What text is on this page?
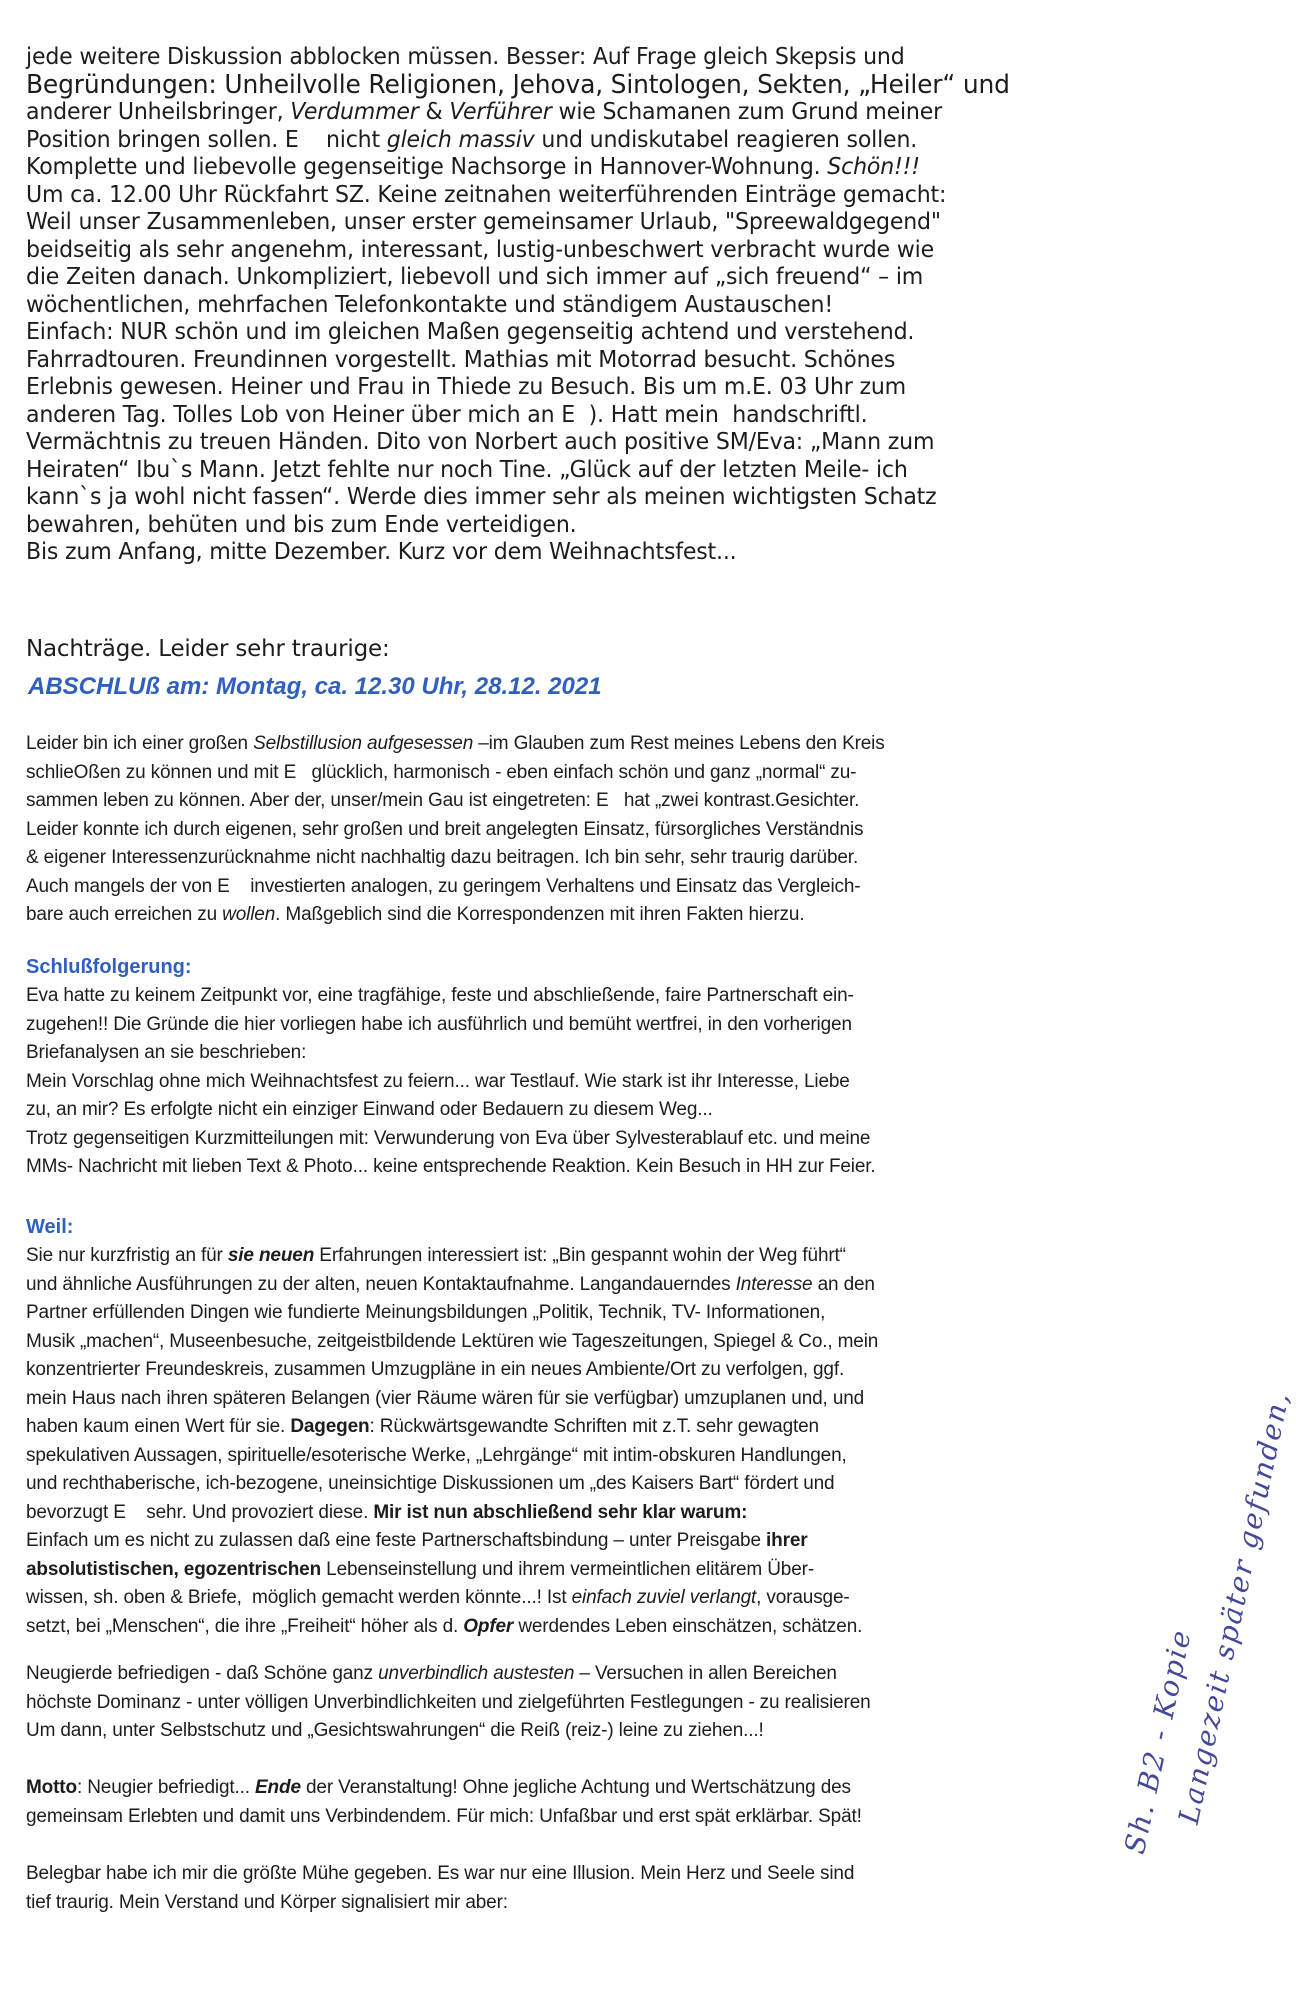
jede weitere Diskussion abblocken müssen. Besser: Auf Frage gleich Skepsis und
Begründungen: Unheilvolle Religionen, Jehova, Sintologen, Sekten, „Heiler“ und
anderer Unheilsbringer, Verdummer & Verführer wie Schamanen zum Grund meiner
Position bringen sollen. E    nicht gleich massiv und undiskutabel reagieren sollen.
Komplette und liebevolle gegenseitige Nachsorge in Hannover-Wohnung. Schön!!!
Um ca. 12.00 Uhr Rückfahrt SZ. Keine zeitnahen weiterführenden Einträge gemacht:
Weil unser Zusammenleben, unser erster gemeinsamer Urlaub, "Spreewaldgegend"
beidseitig als sehr angenehm, interessant, lustig-unbeschwert verbracht wurde wie
die Zeiten danach. Unkompliziert, liebevoll und sich immer auf „sich freuend“ – im
wöchentlichen, mehrfachen Telefonkontakte und ständigem Austauschen!
Einfach: NUR schön und im gleichen Maßen gegenseitig achtend und verstehend.
Fahrradtouren. Freundinnen vorgestellt. Mathias mit Motorrad besucht. Schönes
Erlebnis gewesen. Heiner und Frau in Thiede zu Besuch. Bis um m.E. 03 Uhr zum
anderen Tag. Tolles Lob von Heiner über mich an E  ). Hatt mein  handschriftl.
Vermächtnis zu treuen Händen. Dito von Norbert auch positive SM/Eva: „Mann zum
Heiraten“ Ibu`s Mann. Jetzt fehlte nur noch Tine. „Glück auf der letzten Meile- ich
kann`s ja wohl nicht fassen“. Werde dies immer sehr als meinen wichtigsten Schatz
bewahren, behüten und bis zum Ende verteidigen.
Bis zum Anfang, mitte Dezember. Kurz vor dem Weihnachtsfest...
Nachträge. Leider sehr traurige:
ABSCHLUß am: Montag, ca. 12.30 Uhr, 28.12. 2021
Leider bin ich einer großen Selbstillusion aufgesessen –im Glauben zum Rest meines Lebens den Kreis
schlieOßen zu können und mit E   glücklich, harmonisch - eben einfach schön und ganz „normal“ zu-
sammen leben zu können. Aber der, unser/mein Gau ist eingetreten: E   hat „zwei kontrast.Gesichter.
Leider konnte ich durch eigenen, sehr großen und breit angelegten Einsatz, fürsorgliches Verständnis
& eigener Interessenzurücknahme nicht nachhaltig dazu beitragen. Ich bin sehr, sehr traurig darüber.
Auch mangels der von E    investierten analogen, zu geringem Verhaltens und Einsatz das Vergleich-
bare auch erreichen zu wollen. Maßgeblich sind die Korrespondenzen mit ihren Fakten hierzu.
Schlußfolgerung:
Eva hatte zu keinem Zeitpunkt vor, eine tragfähige, feste und abschließende, faire Partnerschaft ein-
zugehen!! Die Gründe die hier vorliegen habe ich ausführlich und bemüht wertfrei, in den vorherigen
Briefanalysen an sie beschrieben:
Mein Vorschlag ohne mich Weihnachtsfest zu feiern... war Testlauf. Wie stark ist ihr Interesse, Liebe
zu, an mir? Es erfolgte nicht ein einziger Einwand oder Bedauern zu diesem Weg...
Trotz gegenseitigen Kurzmitteilungen mit: Verwunderung von Eva über Sylvesterablauf etc. und meine
MMs- Nachricht mit lieben Text & Photo... keine entsprechende Reaktion. Kein Besuch in HH zur Feier.
Weil:
Sie nur kurzfristig an für sie neuen Erfahrungen interessiert ist: „Bin gespannt wohin der Weg führt“
und ähnliche Ausführungen zu der alten, neuen Kontaktaufnahme. Langandauerndes Interesse an den
Partner erfüllenden Dingen wie fundierte Meinungsbildungen „Politik, Technik, TV- Informationen,
Musik „machen“, Museenbesuche, zeitgeistbildende Lektüren wie Tageszeitungen, Spiegel & Co., mein
konzentrierter Freundeskreis, zusammen Umzugpläne in ein neues Ambiente/Ort zu verfolgen, ggf.
mein Haus nach ihren späteren Belangen (vier Räume wären für sie verfügbar) umzuplanen und, und
haben kaum einen Wert für sie. Dagegen: Rückwärtsgewandte Schriften mit z.T. sehr gewagten
spekulativen Aussagen, spirituelle/esoterische Werke, „Lehrgänge“ mit intim-obskuren Handlungen,
und rechthaberische, ich-bezogene, uneinsichtige Diskussionen um „des Kaisers Bart“ fördert und
bevorzugt E    sehr. Und provoziert diese. Mir ist nun abschließend sehr klar warum:
Einfach um es nicht zu zulassen daß eine feste Partnerschaftsbindung – unter Preisgabe ihrer
absolutistischen, egozentrischen Lebenseinstellung und ihrem vermeintlichen elitärem Über-
wissen, sh. oben & Briefe,  möglich gemacht werden könnte...! Ist einfach zuviel verlangt, vorausge-
setzt, bei „Menschen“, die ihre „Freiheit“ höher als d. Opfer werdendes Leben einschätzen, schätzen.
Neugierde befriedigen - daß Schöne ganz unverbindlich austesten – Versuchen in allen Bereichen
höchste Dominanz - unter völligen Unverbindlichkeiten und zielgeführten Festlegungen - zu realisieren
Um dann, unter Selbstschutz und „Gesichtswahrungen“ die Reiß (reiz-) leine zu ziehen...!
Motto: Neugier befriedigt... Ende der Veranstaltung! Ohne jegliche Achtung und Wertschätzung des
gemeinsam Erlebten und damit uns Verbindendem. Für mich: Unfaßbar und erst spät erklärbar. Spät!
Belegbar habe ich mir die größte Mühe gegeben. Es war nur eine Illusion. Mein Herz und Seele sind
tief traurig. Mein Verstand und Körper signalisiert mir aber:
Sh. B2 - Kopie
Langezeit später gefunden,
